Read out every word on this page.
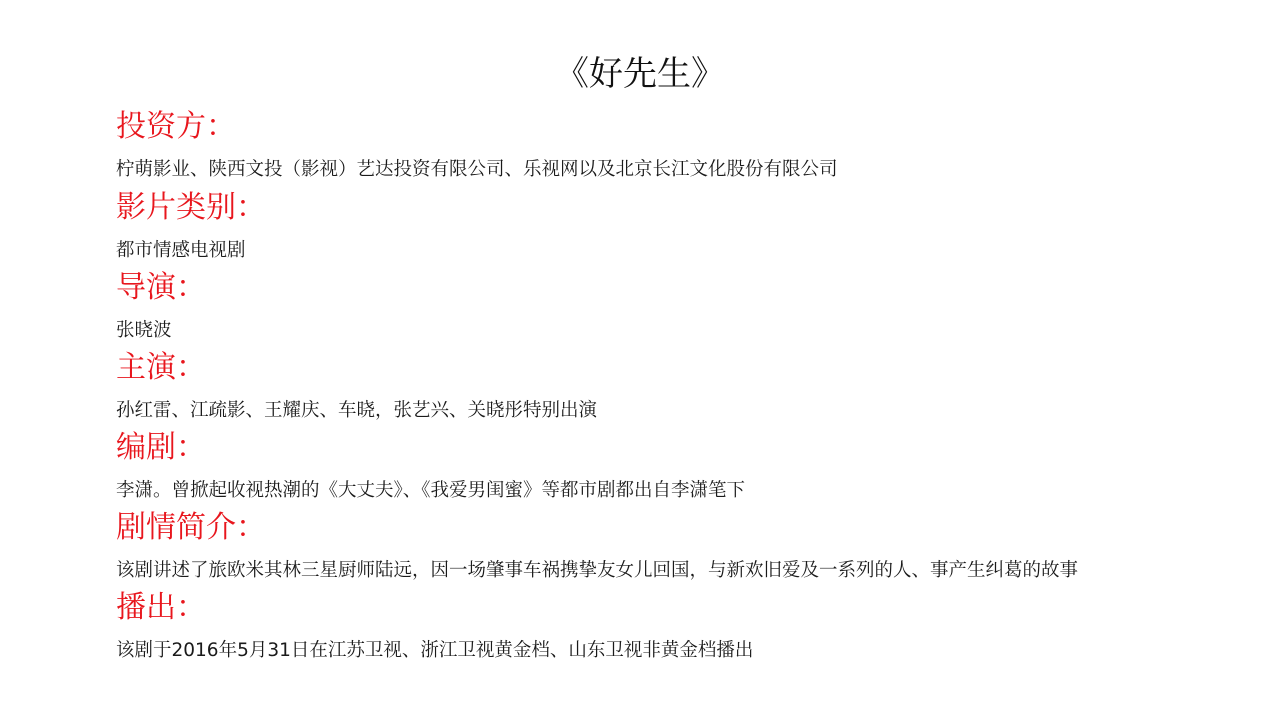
《好先生》
投资方：
柠萌影业、陕西文投（影视）艺达投资有限公司、乐视网以及北京长江文化股份有限公司
影片类别：
都市情感电视剧
导演：
张晓波
主演：
孙红雷、江疏影、王耀庆、车晓，张艺兴、关晓彤特别出演
编剧：
李潇。曾掀起收视热潮的《大丈夫》、《我爱男闺蜜》等都市剧都出自李潇笔下
剧情简介：
该剧讲述了旅欧米其林三星厨师陆远，因一场肇事车祸携挚友女儿回国，与新欢旧爱及一系列的人、事产生纠葛的故事
播出：
该剧于2016年5月31日在江苏卫视、浙江卫视黄金档、山东卫视非黄金档播出
